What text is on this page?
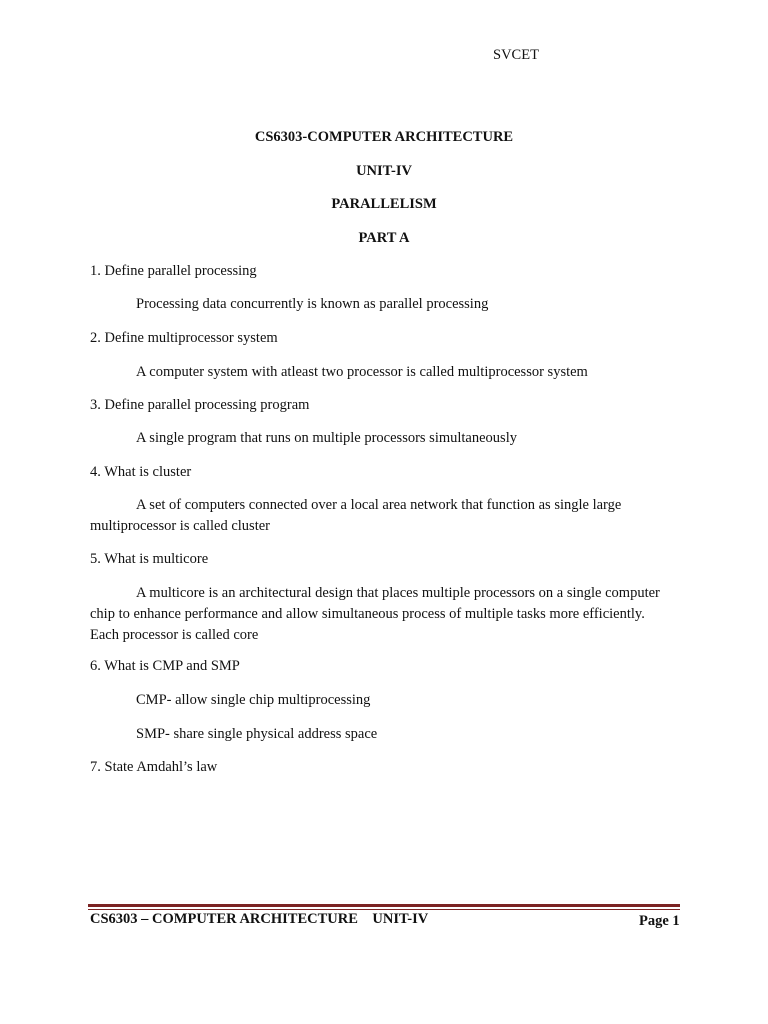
SVCET
CS6303-COMPUTER ARCHITECTURE
UNIT-IV
PARALLELISM
PART A
1. Define parallel processing
Processing data concurrently is known as parallel processing
2. Define multiprocessor system
A computer system with atleast two processor is called multiprocessor system
3. Define parallel processing program
A single program that runs on multiple processors simultaneously
4. What is cluster
A set of computers connected over a local area network that function as single large multiprocessor is called cluster
5. What is multicore
A multicore is an architectural design that places multiple processors on a single computer chip to enhance performance and allow simultaneous process of multiple tasks more efficiently. Each processor is called core
6. What is CMP and SMP
CMP- allow single chip multiprocessing
SMP- share single physical address space
7. State Amdahl’s law
CS6303 – COMPUTER ARCHITECTURE    UNIT-IV	Page 1
